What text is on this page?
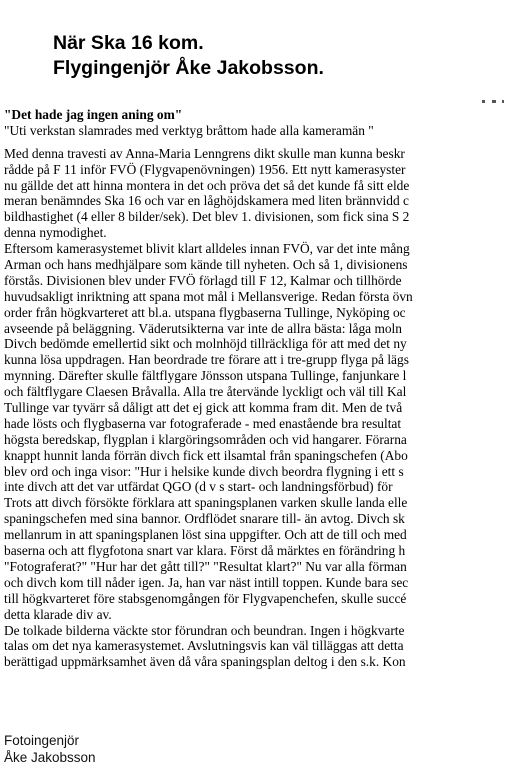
När Ska 16 kom.
Flygingenjör Åke Jakobsson.
"Det hade jag ingen aning om"
"Uti verkstan slamrades med verktyg bråttom hade alla kameramän "
Med denna travesti av Anna-Maria Lenngrens dikt skulle man kunna beskr
rådde på F 11 inför FVÖ (Flygvapenövningen) 1956. Ett nytt kamerasyster
nu gällde det att hinna montera in det och pröva det så det kunde få sitt elde
meran benämndes Ska 16 och var en låghöjdskamera med liten brännvidd c
bildhastighet (4 eller 8 bilder/sek). Det blev 1. divisionen, som fick sina S 2
denna nymodighet.
Eftersom kamerasystemet blivit klart alldeles innan FVÖ, var det inte mång
Arman och hans medhjälpare som kände till nyheten. Och så 1, divisionens
förstås. Divisionen blev under FVÖ förlagd till F 12, Kalmar och tillhörde
huvudsakligt inriktning att spana mot mål i Mellansverige. Redan första övn
order från högkvarteret att bl.a. utspana flygbaserna Tullinge, Nyköping oc
avseende på beläggning. Väderutsikterna var inte de allra bästa: låga moln
Divch bedömde emellertid sikt och molnhöjd tillräckliga för att med det ny
kunna lösa uppdragen. Han beordrade tre förare att i tre-grupp flyga på lägs
mynning. Därefter skulle fältflygare Jönsson utspana Tullinge, fanjunkare l
och fältflygare Claesen Bråvalla. Alla tre återvände lyckligt och väl till Kal
Tullinge var tyvärr så dåligt att det ej gick att komma fram dit. Men de två
hade lösts och flygbaserna var fotograferade - med enastående bra resultat
högsta beredskap, flygplan i klargöringsområden och vid hangarer. Förarna
knappt hunnit landa förrän divch fick ett ilsamtal från spaningschefen (Abo
blev ord och inga visor: "Hur i helsike kunde divch beordra flygning i ett s
inte divch att det var utfärdat QGO (d v s start- och landningsförbud) för
Trots att divch försökte förklara att spaningsplanen varken skulle landa elle
spaningschefen med sina bannor. Ordflödet snarare till- än avtog. Divch sk
mellanrum in att spaningsplanen löst sina uppgifter. Och att de till och med
baserna och att flygfotona snart var klara. Först då märktes en förändring h
"Fotograferat?" "Hur har det gått till?" "Resultat klart?" Nu var alla förman
och divch kom till nåder igen. Ja, han var näst intill toppen. Kunde bara sec
till högkvarteret före stabsgenomgången för Flygvapenchefen, skulle succé
detta klarade div av.
De tolkade bilderna väckte stor förundran och beundran. Ingen i högkvarte
talas om det nya kamerasystemet. Avslutningsvis kan väl tilläggas att detta
berättigad uppmärksamhet även då våra spaningsplan deltog i den s.k. Kon
Fotoingenjör
Åke Jakobsson
